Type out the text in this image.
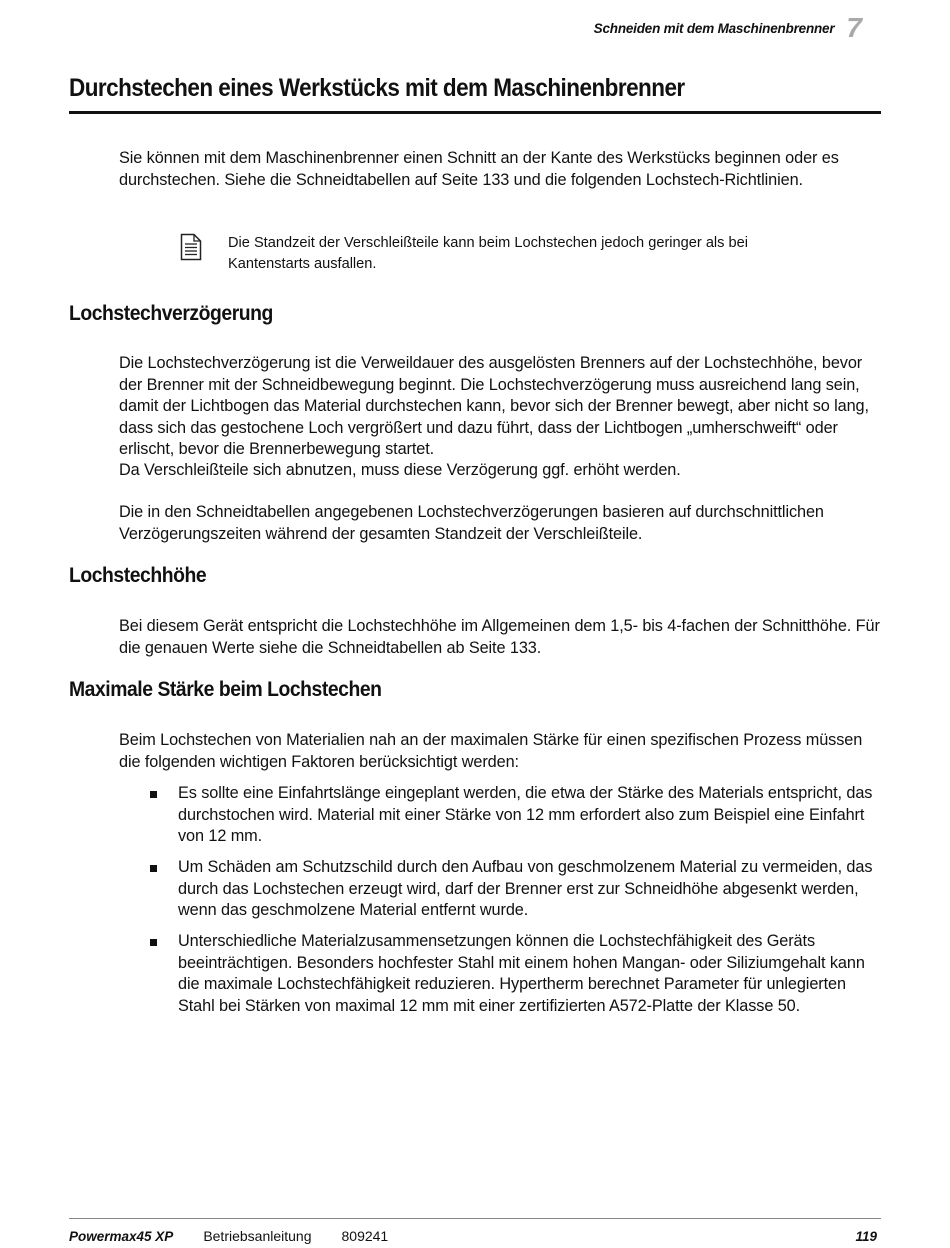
Schneiden mit dem Maschinenbrenner 7
Durchstechen eines Werkstücks mit dem Maschinenbrenner

Sie können mit dem Maschinenbrenner einen Schnitt an der Kante des Werkstücks beginnen oder es durchstechen. Siehe die Schneidtabellen auf Seite 133 und die folgenden Lochstech-Richtlinien.

Die Standzeit der Verschleißteile kann beim Lochstechen jedoch geringer als bei Kantenstarts ausfallen.

Lochstechverzögerung

Die Lochstechverzögerung ist die Verweildauer des ausgelösten Brenners auf der Lochstechhöhe, bevor der Brenner mit der Schneidbewegung beginnt. Die Lochstechverzögerung muss ausreichend lang sein, damit der Lichtbogen das Material durchstechen kann, bevor sich der Brenner bewegt, aber nicht so lang, dass sich das gestochene Loch vergrößert und dazu führt, dass der Lichtbogen „umherschweift“ oder erlischt, bevor die Brennerbewegung startet.

Da Verschleißteile sich abnutzen, muss diese Verzögerung ggf. erhöht werden.

Die in den Schneidtabellen angegebenen Lochstechverzögerungen basieren auf durchschnittlichen Verzögerungszeiten während der gesamten Standzeit der Verschleißteile.

Lochstechhöhe

Bei diesem Gerät entspricht die Lochstechhöhe im Allgemeinen dem 1,5- bis 4-fachen der Schnitthöhe. Für die genauen Werte siehe die Schneidtabellen ab Seite 133.

Maximale Stärke beim Lochstechen

Beim Lochstechen von Materialien nah an der maximalen Stärke für einen spezifischen Prozess müssen die folgenden wichtigen Faktoren berücksichtigt werden:

Es sollte eine Einfahrtslänge eingeplant werden, die etwa der Stärke des Materials entspricht, das durchstochen wird. Material mit einer Stärke von 12 mm erfordert also zum Beispiel eine Einfahrt von 12 mm.
Um Schäden am Schutzschild durch den Aufbau von geschmolzenem Material zu vermeiden, das durch das Lochstechen erzeugt wird, darf der Brenner erst zur Schneidhöhe abgesenkt werden, wenn das geschmolzene Material entfernt wurde.
Unterschiedliche Materialzusammensetzungen können die Lochstechfähigkeit des Geräts beeinträchtigen. Besonders hochfester Stahl mit einem hohen Mangan- oder Siliziumgehalt kann die maximale Lochstechfähigkeit reduzieren. Hypertherm berechnet Parameter für unlegierten Stahl bei Stärken von maximal 12 mm mit einer zertifizierten A572-Platte der Klasse 50.
Powermax45 XP Betriebsanleitung 809241	119
